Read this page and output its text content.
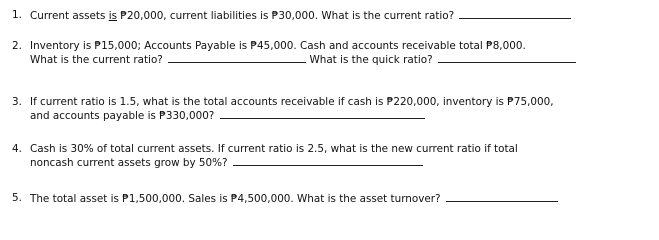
1. Current assets is ₱20,000, current liabilities is ₱30,000. What is the current ratio?
2. Inventory is ₱15,000; Accounts Payable is ₱45,000. Cash and accounts receivable total ₱8,000.
What is the current ratio?	What is the quick ratio?
3. If current ratio is 1.5, what is the total accounts receivable if cash is ₱220,000, inventory is ₱75,000,
and accounts payable is ₱330,000?
4. Cash is 30% of total current assets. If current ratio is 2.5, what is the new current ratio if total
noncash current assets grow by 50%?
5. The total asset is ₱1,500,000. Sales is ₱4,500,000. What is the asset turnover?
